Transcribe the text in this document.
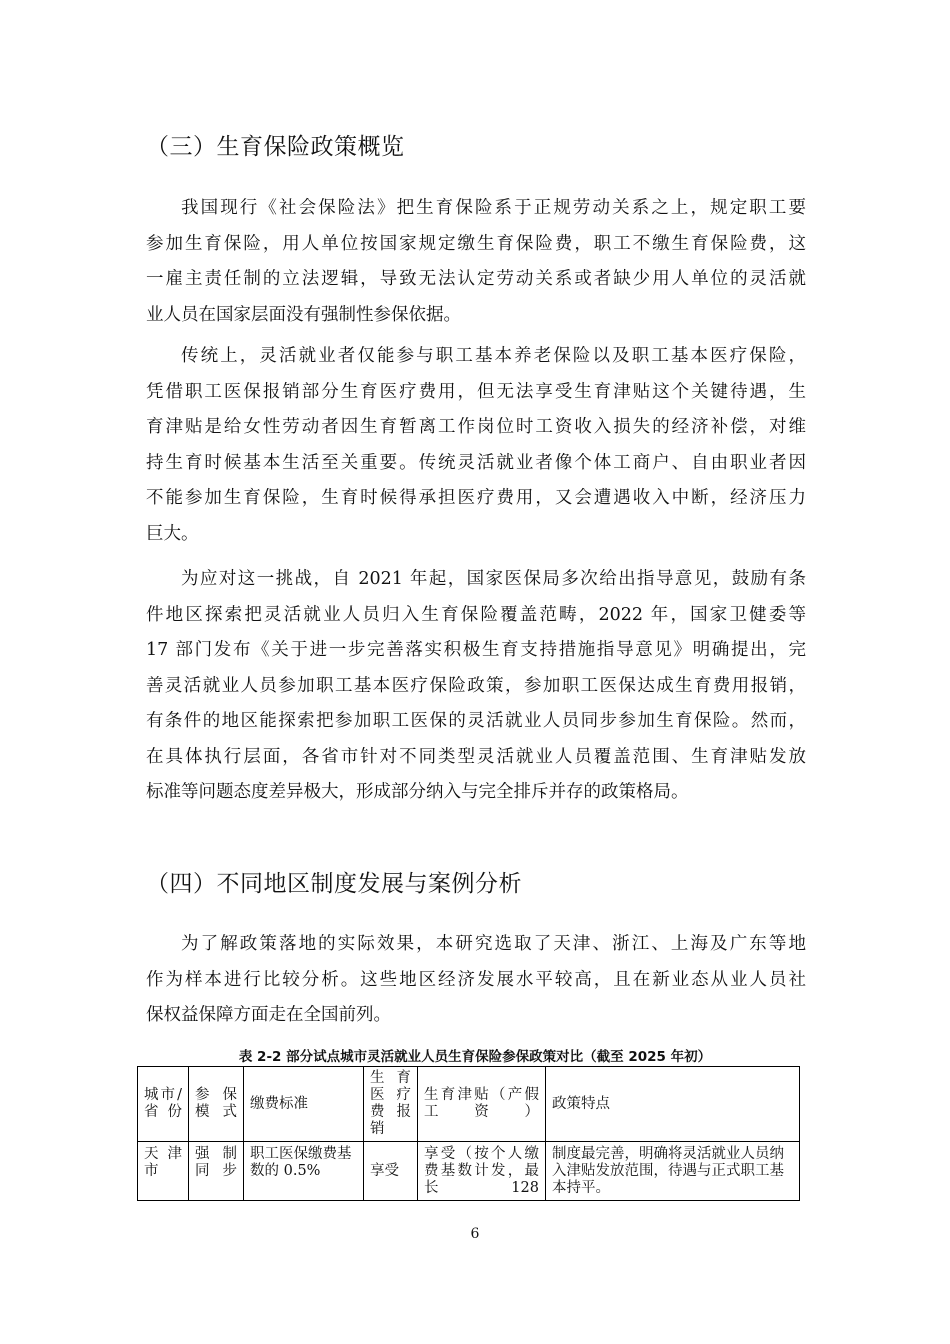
（三）生育保险政策概览
我国现行《社会保险法》把生育保险系于正规劳动关系之上，规定职工要
参加生育保险，用人单位按国家规定缴生育保险费，职工不缴生育保险费，这
一雇主责任制的立法逻辑，导致无法认定劳动关系或者缺少用人单位的灵活就
业人员在国家层面没有强制性参保依据。
传统上，灵活就业者仅能参与职工基本养老保险以及职工基本医疗保险，
凭借职工医保报销部分生育医疗费用，但无法享受生育津贴这个关键待遇，生
育津贴是给女性劳动者因生育暂离工作岗位时工资收入损失的经济补偿，对维
持生育时候基本生活至关重要。传统灵活就业者像个体工商户、自由职业者因
不能参加生育保险，生育时候得承担医疗费用，又会遭遇收入中断，经济压力
巨大。
为应对这一挑战，自 2021 年起，国家医保局多次给出指导意见，鼓励有条
件地区探索把灵活就业人员归入生育保险覆盖范畴，2022 年，国家卫健委等
17 部门发布《关于进一步完善落实积极生育支持措施指导意见》明确提出，完
善灵活就业人员参加职工基本医疗保险政策，参加职工医保达成生育费用报销，
有条件的地区能探索把参加职工医保的灵活就业人员同步参加生育保险。然而，
在具体执行层面，各省市针对不同类型灵活就业人员覆盖范围、生育津贴发放
标准等问题态度差异极大，形成部分纳入与完全排斥并存的政策格局。
（四）不同地区制度发展与案例分析
为了解政策落地的实际效果，本研究选取了天津、浙江、上海及广东等地
作为样本进行比较分析。这些地区经济发展水平较高，且在新业态从业人员社
保权益保障方面走在全国前列。
表 2-2 部分试点城市灵活就业人员生育保险参保政策对比（截至 2025 年初）
城市/省份	参保模式	缴费标准	生育医疗费报销	生育津贴（产假工资）	政策特点
天津市	强制同步	职工医保缴费基数的 0.5%	享受	享受（按个人缴费基数计发，最长 128	制度最完善，明确将灵活就业人员纳入津贴发放范围，待遇与正式职工基本持平。
6
